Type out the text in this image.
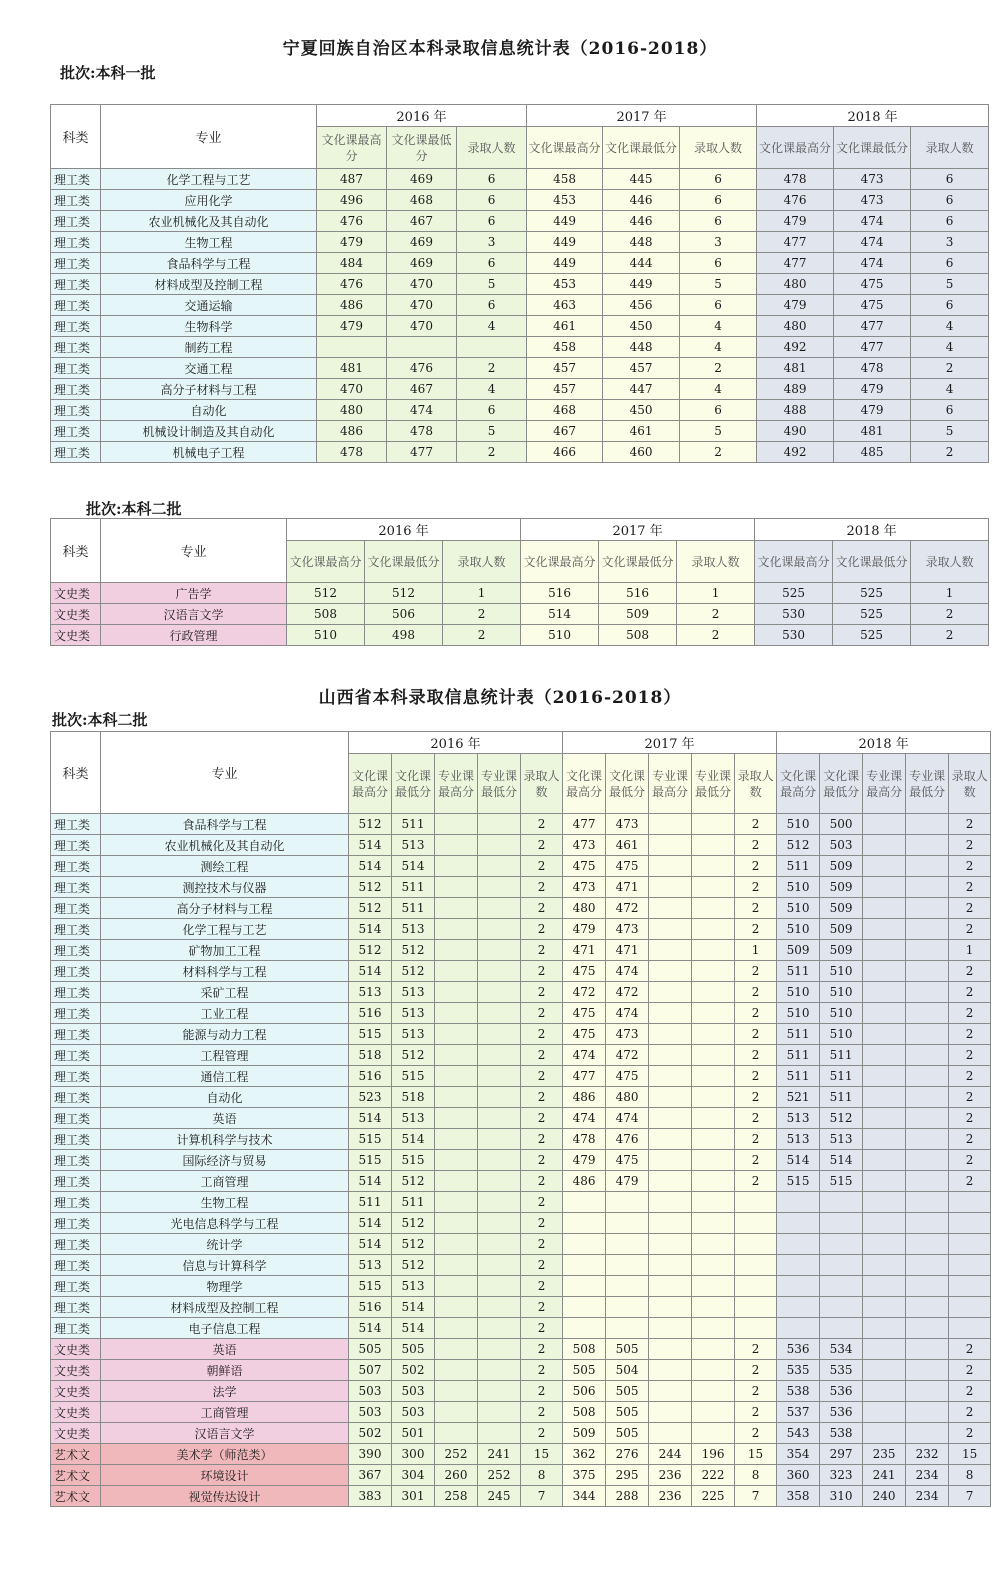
宁夏回族自治区本科录取信息统计表（2016-2018）
批次:本科一批
科类	专业	2016 年			2017 年			2018 年		
		文化课最高分	文化课最低分	录取人数	文化课最高分	文化课最低分	录取人数	文化课最高分	文化课最低分	录取人数
理工类	化学工程与工艺	487	469	6	458	445	6	478	473	6
理工类	应用化学	496	468	6	453	446	6	476	473	6
理工类	农业机械化及其自动化	476	467	6	449	446	6	479	474	6
理工类	生物工程	479	469	3	449	448	3	477	474	3
理工类	食品科学与工程	484	469	6	449	444	6	477	474	6
理工类	材料成型及控制工程	476	470	5	453	449	5	480	475	5
理工类	交通运输	486	470	6	463	456	6	479	475	6
理工类	生物科学	479	470	4	461	450	4	480	477	4
理工类	制药工程				458	448	4	492	477	4
理工类	交通工程	481	476	2	457	457	2	481	478	2
理工类	高分子材料与工程	470	467	4	457	447	4	489	479	4
理工类	自动化	480	474	6	468	450	6	488	479	6
理工类	机械设计制造及其自动化	486	478	5	467	461	5	490	481	5
理工类	机械电子工程	478	477	2	466	460	2	492	485	2
批次:本科二批
科类	专业	2016 年			2017 年			2018 年		
		文化课最高分	文化课最低分	录取人数	文化课最高分	文化课最低分	录取人数	文化课最高分	文化课最低分	录取人数
文史类	广告学	512	512	1	516	516	1	525	525	1
文史类	汉语言文学	508	506	2	514	509	2	530	525	2
文史类	行政管理	510	498	2	510	508	2	530	525	2
山西省本科录取信息统计表（2016-2018）
批次:本科二批
科类	专业	2016 年					2017 年					2018 年				
		文化课最高分	文化课最低分	专业课最高分	专业课最低分	录取人数	文化课最高分	文化课最低分	专业课最高分	专业课最低分	录取人数	文化课最高分	文化课最低分	专业课最高分	专业课最低分	录取人数
理工类	食品科学与工程	512	511			2	477	473			2	510	500			2
理工类	农业机械化及其自动化	514	513			2	473	461			2	512	503			2
理工类	测绘工程	514	514			2	475	475			2	511	509			2
理工类	测控技术与仪器	512	511			2	473	471			2	510	509			2
理工类	高分子材料与工程	512	511			2	480	472			2	510	509			2
理工类	化学工程与工艺	514	513			2	479	473			2	510	509			2
理工类	矿物加工工程	512	512			2	471	471			1	509	509			1
理工类	材料科学与工程	514	512			2	475	474			2	511	510			2
理工类	采矿工程	513	513			2	472	472			2	510	510			2
理工类	工业工程	516	513			2	475	474			2	510	510			2
理工类	能源与动力工程	515	513			2	475	473			2	511	510			2
理工类	工程管理	518	512			2	474	472			2	511	511			2
理工类	通信工程	516	515			2	477	475			2	511	511			2
理工类	自动化	523	518			2	486	480			2	521	511			2
理工类	英语	514	513			2	474	474			2	513	512			2
理工类	计算机科学与技术	515	514			2	478	476			2	513	513			2
理工类	国际经济与贸易	515	515			2	479	475			2	514	514			2
理工类	工商管理	514	512			2	486	479			2	515	515			2
理工类	生物工程	511	511			2										
理工类	光电信息科学与工程	514	512			2										
理工类	统计学	514	512			2										
理工类	信息与计算科学	513	512			2										
理工类	物理学	515	513			2										
理工类	材料成型及控制工程	516	514			2										
理工类	电子信息工程	514	514			2										
文史类	英语	505	505			2	508	505			2	536	534			2
文史类	朝鲜语	507	502			2	505	504			2	535	535			2
文史类	法学	503	503			2	506	505			2	538	536			2
文史类	工商管理	503	503			2	508	505			2	537	536			2
文史类	汉语言文学	502	501			2	509	505			2	543	538			2
艺术文	美术学（师范类）	390	300	252	241	15	362	276	244	196	15	354	297	235	232	15
艺术文	环境设计	367	304	260	252	8	375	295	236	222	8	360	323	241	234	8
艺术文	视觉传达设计	383	301	258	245	7	344	288	236	225	7	358	310	240	234	7
